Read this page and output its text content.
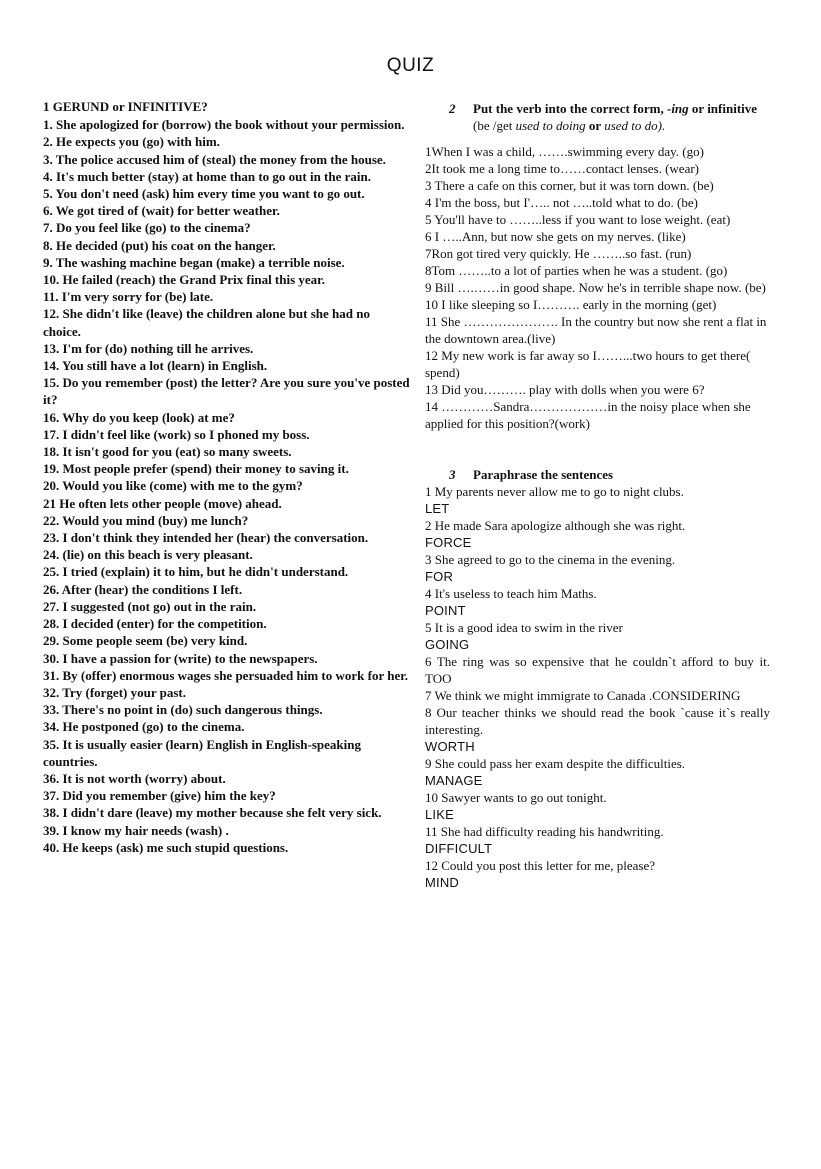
QUIZ
1 GERUND or INFINITIVE?
1. She apologized for (borrow) the book without your permission.
2. He expects you (go) with him.
3. The police accused him of (steal) the money from the house.
4. It's much better (stay) at home than to go out in the rain.
5. You don't need (ask) him every time you want to go out.
6. We got tired of (wait) for better weather.
7. Do you feel like (go) to the cinema?
8. He decided (put) his coat on the hanger.
9. The washing machine began (make) a terrible noise.
10. He failed (reach) the Grand Prix final this year.
11. I'm very sorry for (be) late.
12. She didn't like (leave) the children alone but she had no choice.
13. I'm for (do) nothing till he arrives.
14. You still have a lot (learn) in English.
15. Do you remember (post) the letter? Are you sure you've posted it?
16. Why do you keep (look) at me?
17. I didn't feel like (work) so I phoned my boss.
18. It isn't good for you (eat) so many sweets.
19. Most people prefer (spend) their money to saving it.
20. Would you like (come) with me to the gym?
21 He often lets other people (move) ahead.
22. Would you mind (buy) me lunch?
23. I don't think they intended her (hear) the conversation.
24. (lie) on this beach is very pleasant.
25. I tried (explain) it to him, but he didn't understand.
26. After (hear) the conditions I left.
27. I suggested (not go) out in the rain.
28. I decided (enter) for the competition.
29. Some people seem (be) very kind.
30. I have a passion for (write) to the newspapers.
31. By (offer) enormous wages she persuaded him to work for her.
32. Try (forget) your past.
33. There's no point in (do) such dangerous things.
34. He postponed (go) to the cinema.
35. It is usually easier (learn) English in English-speaking countries.
36. It is not worth (worry) about.
37. Did you remember (give) him the key?
38. I didn't dare (leave) my mother because she felt very sick.
39. I know my hair needs (wash) .
40. He keeps (ask) me such stupid questions.
2	Put the verb into the correct form, -ing or infinitive (be /get used to doing or used to do).
1When I was a child, …….swimming every day. (go)
2It took me a long time to……contact lenses. (wear)
3 There a cafe on this corner, but it was torn down. (be)
4 I'm the boss, but I'….. not …..told what to do. (be)
5 You'll have to ……..less if you want to lose weight. (eat)
6 I …..Ann, but now she gets on my nerves. (like)
7Ron got tired very quickly. He ……..so fast. (run)
8Tom ……..to a lot of parties when he was a student. (go)
9 Bill ….……in good shape. Now he's in terrible shape now. (be)
10 I like sleeping so I………. early in the morning (get)
11 She …………………. In the country but now she rent a flat in the downtown area.(live)
12 My new work is far away so I……...two hours to get there( spend)
13 Did you………. play with dolls when you were 6?
14 …………Sandra………………in the noisy place when she applied for this position?(work)
3	Paraphrase the sentences
1 My parents never allow me to go to night clubs.
LET
2 He made Sara apologize although she was right.
FORCE
3 She agreed to go to the cinema in the evening.
FOR
4 It's useless to teach him Maths.
POINT
5 It is a good idea to swim in the river
GOING
6 The ring was so expensive that he couldn`t afford to buy it. TOO
7 We think we might immigrate to Canada .CONSIDERING
8 Our teacher thinks we should read the book `cause it`s really interesting.
WORTH
9 She could pass her exam despite the difficulties.
MANAGE
10 Sawyer wants to go out tonight.
LIKE
11 She had difficulty reading his handwriting.
DIFFICULT
12 Could you post this letter for me, please?
MIND
